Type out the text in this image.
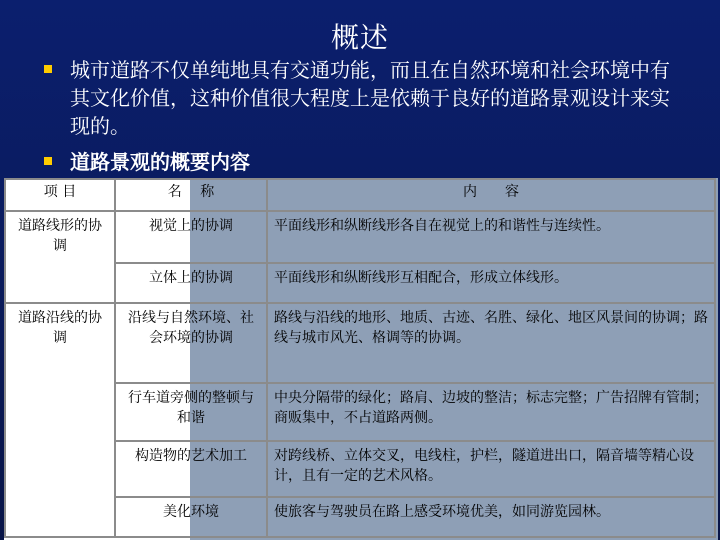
概述
城市道路不仅单纯地具有交通功能，而且在自然环境和社会环境中有其文化价值，这种价值很大程度上是依赖于良好的道路景观设计来实现的。
道路景观的概要内容
项 目	名　 称	内　　容
道路线形的协调	视觉上的协调	平面线形和纵断线形各自在视觉上的和谐性与连续性。
	立体上的协调	平面线形和纵断线形互相配合，形成立体线形。
道路沿线的协调	沿线与自然环境、社会环境的协调	路线与沿线的地形、地质、古迹、名胜、绿化、地区风景间的协调；路线与城市风光、格调等的协调。
	行车道旁侧的整顿与和谐	中央分隔带的绿化；路肩、边坡的整洁；标志完整；广告招牌有管制；商贩集中，不占道路两侧。
	构造物的艺术加工	对跨线桥、立体交叉，电线柱，护栏，隧道进出口，隔音墙等精心设计，且有一定的艺术风格。
	美化环境	使旅客与驾驶员在路上感受环境优美，如同游览园林。
